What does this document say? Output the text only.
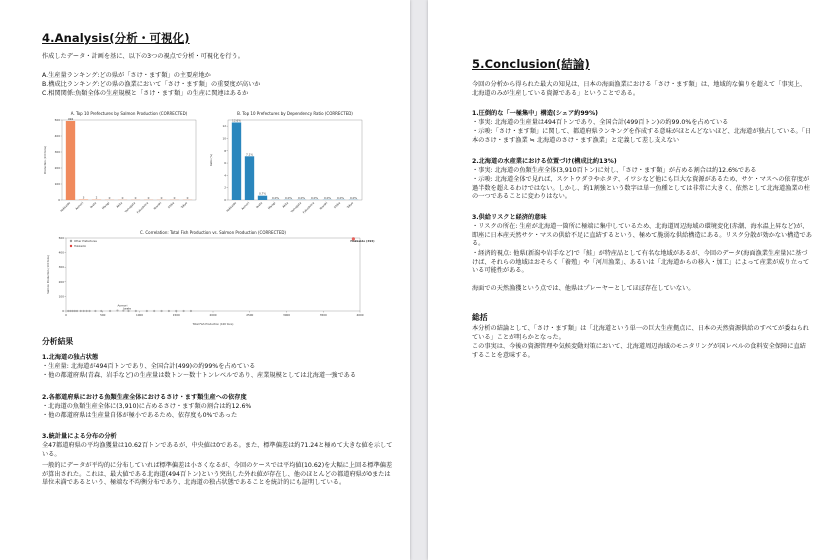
4.Analysis(分析・可視化)

作成したデータ・計画を基に、以下の3つの視点で分析・可視化を行う。

A.生産量ランキング:どの県が「さけ・ます類」の主要産地か

B.構成比ランキング:どの県の漁業において「さけ・ます類」の重要度が高いか

C.相関関係:魚類全体の生産規模と「さけ・ます類」の生産に関連はあるか

A. Top 10 Prefectures by Salmon Production (CORRECTED)
0
100
200
300
400
500
Production (100 tons)
494
Hokkaido
3
Aomori
2
Iwate
0
Miyagi
0
Akita
0
Yamagata
0
Fukushima
0
Ibaraki
0
Chiba
0
Tokyo
B. Top 10 Prefectures by Dependency Ratio (CORRECTED)
0
2
4
6
8
10
12
Ratio (%)
12.6%
Hokkaido
7.1%
Aomori
0.7%
Iwate
0.0%
Miyagi
0.0%
Akita
0.0%
Yamagata
0.0%
Fukushima
0.0%
Ibaraki
0.0%
Chiba
0.0%
Tokyo
C. Correlation: Total Fish Production vs. Salmon Production (CORRECTED)
0	500	1000	1500	2000	2500	3000	3500	4000
0
100
200
300
400
500
Total Fish Production (100 tons)
Salmon Production (100 tons)
Other Prefectures
Hokkaido
Hokkaido (494)
Aomori
Iwate

分析結果

1.北海道の独占状態

・生産量: 北海道が494百トンであり、全国合計(499)の約99%を占めている

・他の都道府県(青森、岩手など)の生産量は数トン～数十トンレベルであり、産業規模としては北海道一強である

2.各都道府県における魚類生産全体におけるさけ・ます類生産への依存度

・北海道の魚類生産全体に(3,910)に占めるさけ・ます類の割合は約12.6%

・他の都道府県は生産量自体が極小であるため、依存度も0%であった

3.統計量による分布の分析

全47都道府県の平均漁獲量は10.62百トンであるが、中央値は0である。また、標準偏差は約71.24と極めて大きな値を示している。

一般的にデータが平均的に分布していれば標準偏差は小さくなるが、今回のケースでは平均値(10.62)を大幅に上回る標準偏差が算出された。これは、最大値である北海道(494百トン)という突出した外れ値が存在し、他のほとんどの都道府県が0または単位未満であるという、極端な不均衡分布であり、北海道の独占状態であることを統計的にも証明している。

5.Conclusion(結論)

今回の分析から得られた最大の知見は、日本の海面漁業における「さけ・ます類」は、地域的な偏りを超えて「事実上、北海道のみが生産している資源である」ということである。

1.圧倒的な「一極集中」構造(シェア約99%)

・事実: 北海道の生産量は494百トンであり、全国合計(499百トン)の約99.0%を占めている

・示唆:「さけ・ます類」に関して、都道府県ランキングを作成する意味がほとんどないほど、北海道が独占している。「日本のさけ・ます漁業 ≒ 北海道のさけ・ます漁業」と定義して差し支えない

2.北海道の水産業における位置づけ(構成比約13%)

・事実: 北海道の魚類生産全体(3,910百トン)に対し、「さけ・ます類」が占める割合は約12.6%である

・示唆: 北海道全体で見れば、スケトウダラやホタテ、イワシなど他にも巨大な資源があるため、サケ・マスへの依存度が過半数を超えるわけではない。しかし、約1割強という数字は単一魚種としては非常に大きく、依然として北海道漁業の柱の一つであることに変わりはない。

3.供給リスクと経済的意味

・リスクの所在: 生産が北海道一箇所に極端に集中しているため、北海道周辺海域の環境変化(赤潮、海水温上昇など)が、即座に日本産天然サケ・マスの供給不足に直結するという、極めて脆弱な供給構造にある。リスク分散が効かない構造である。

・経済的視点: 他県(新潟や岩手など)で「鮭」が特産品として有名な地域があるが、今回のデータ(海面漁業生産量)に基づけば、それらの地域はおそらく「養殖」や「河川漁業」、あるいは「北海道からの移入・加工」によって産業が成り立っている可能性がある。

海面での天然漁獲という点では、他県はプレーヤーとしてほぼ存在していない。

総括

本分析の結論として、「さけ・ます類」は「北海道という単一の巨大生産拠点に、日本の天然資源供給のすべてが委ねられている」ことが明らかとなった。

この事実は、今後の資源管理や気候変動対策において、北海道周辺海域のモニタリングが国レベルの食料安全保障に直結することを意味する。
